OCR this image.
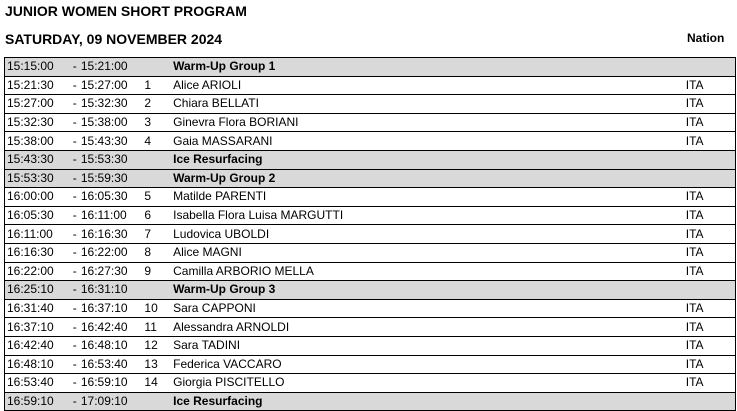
JUNIOR WOMEN SHORT PROGRAM
SATURDAY, 09 NOVEMBER 2024	Nation
15:15:00	-	15:21:00		Warm-Up Group 1	
15:21:30	-	15:27:00	1	Alice ARIOLI	ITA
15:27:00	-	15:32:30	2	Chiara BELLATI	ITA
15:32:30	-	15:38:00	3	Ginevra Flora BORIANI	ITA
15:38:00	-	15:43:30	4	Gaia MASSARANI	ITA
15:43:30	-	15:53:30		Ice Resurfacing	
15:53:30	-	15:59:30		Warm-Up Group 2	
16:00:00	-	16:05:30	5	Matilde PARENTI	ITA
16:05:30	-	16:11:00	6	Isabella Flora Luisa MARGUTTI	ITA
16:11:00	-	16:16:30	7	Ludovica UBOLDI	ITA
16:16:30	-	16:22:00	8	Alice MAGNI	ITA
16:22:00	-	16:27:30	9	Camilla ARBORIO MELLA	ITA
16:25:10	-	16:31:10		Warm-Up Group 3	
16:31:40	-	16:37:10	10	Sara CAPPONI	ITA
16:37:10	-	16:42:40	11	Alessandra ARNOLDI	ITA
16:42:40	-	16:48:10	12	Sara TADINI	ITA
16:48:10	-	16:53:40	13	Federica VACCARO	ITA
16:53:40	-	16:59:10	14	Giorgia PISCITELLO	ITA
16:59:10	-	17:09:10		Ice Resurfacing	
